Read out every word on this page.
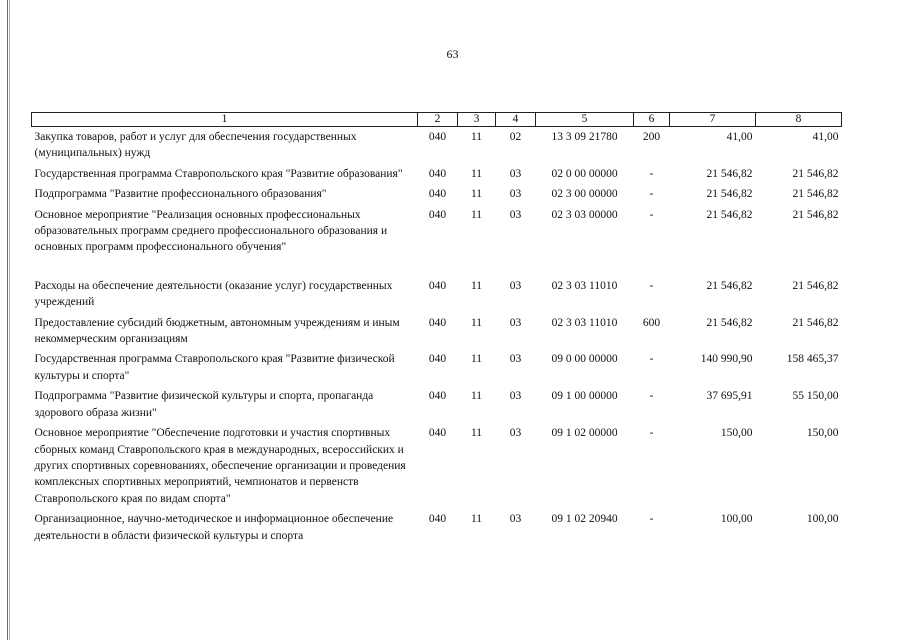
63
1	2	3	4	5	6	7	8
Закупка товаров, работ и услуг для обеспечения государственных (муниципальных) нужд	040	11	02	13 3 09 21780	200	41,00	41,00
Государственная программа Ставропольского края "Развитие образования"	040	11	03	02 0 00 00000	-	21 546,82	21 546,82
Подпрограмма "Развитие профессионального образования"	040	11	03	02 3 00 00000	-	21 546,82	21 546,82
Основное мероприятие "Реализация основных профессиональных образовательных программ среднего профессионального образования и основных программ профессионального обучения"	040	11	03	02 3 03 00000	-	21 546,82	21 546,82

Расходы на обеспечение деятельности (оказание услуг) государственных учреждений	040	11	03	02 3 03 11010	-	21 546,82	21 546,82
Предоставление субсидий бюджетным, автономным учреждениям и иным некоммерческим организациям	040	11	03	02 3 03 11010	600	21 546,82	21 546,82
Государственная программа Ставропольского края "Развитие физической культуры и спорта"	040	11	03	09 0 00 00000	-	140 990,90	158 465,37
Подпрограмма "Развитие физической культуры и спорта, пропаганда здорового образа жизни"	040	11	03	09 1 00 00000	-	37 695,91	55 150,00
Основное мероприятие "Обеспечение подготовки и участия спортивных сборных команд Ставропольского края в международных, всероссийских и других спортивных соревнованиях, обеспечение организации и проведения комплексных спортивных мероприятий, чемпионатов и первенств Ставропольского края по видам спорта"	040	11	03	09 1 02 00000	-	150,00	150,00
Организационное, научно-методическое и информационное обеспечение деятельности в области физической культуры и спорта	040	11	03	09 1 02 20940	-	100,00	100,00
